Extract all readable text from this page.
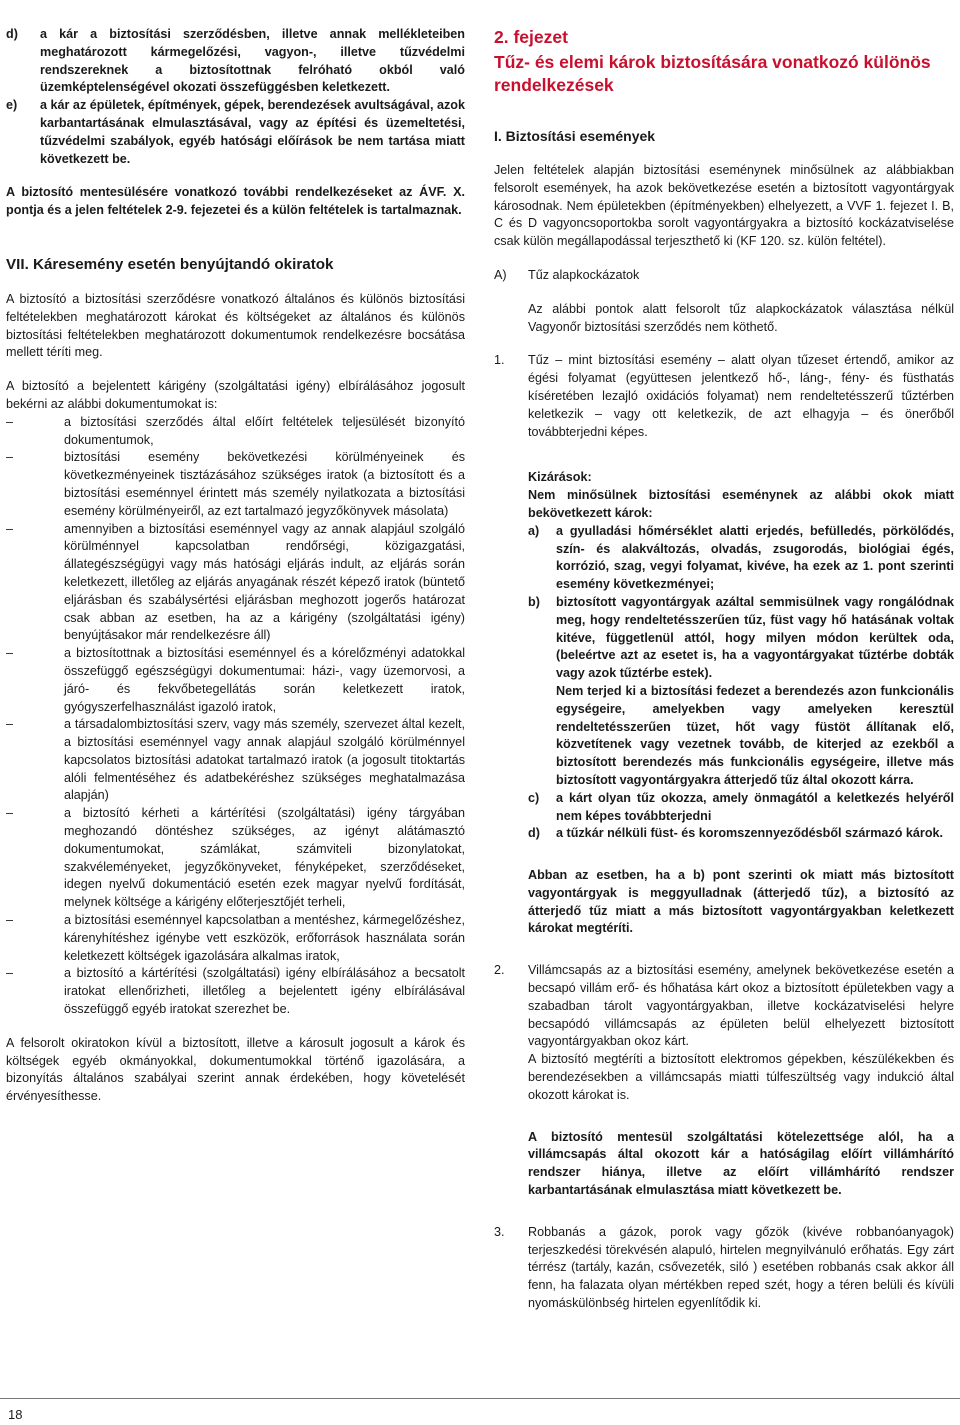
d)	a kár a biztosítási szerződésben, illetve annak mellékleteiben meghatározott kármegelőzési, vagyon-, illetve tűzvédelmi rendszereknek a biztosítottnak felróható okból való üzemképtelenségével okozati összefüggésben keletkezett.
e)	a kár az épületek, építmények, gépek, berendezések avultságával, azok karbantartásának elmulasztásával, vagy az építési és üzemeltetési, tűzvédelmi szabályok, egyéb hatósági előírások be nem tartása miatt következett be.

A biztosító mentesülésére vonatkozó további rendelkezéseket az ÁVF. X. pontja és a jelen feltételek 2-9. fejezetei és a külön feltételek is tartalmaznak.

VII. Káresemény esetén benyújtandó okiratok

A biztosító a biztosítási szerződésre vonatkozó általános és különös biztosítási feltételekben meghatározott károkat és költségeket az általános és különös biztosítási feltételekben meghatározott dokumentumok rendelkezésre bocsátása mellett téríti meg.

A biztosító a bejelentett kárigény (szolgáltatási igény) elbírálásához jogosult bekérni az alábbi dokumentumokat is:

–	a biztosítási szerződés által előírt feltételek teljesülését bizonyító dokumentumok,
–	biztosítási esemény bekövetkezési körülményeinek és következményeinek tisztázásához szükséges iratok (a biztosított és a biztosítási eseménnyel érintett más személy nyilatkozata a biztosítási esemény körülményeiről, az ezt tartalmazó jegyzőkönyvek másolata)
–	amennyiben a biztosítási eseménnyel vagy az annak alapjául szolgáló körülménnyel kapcsolatban rendőrségi, közigazgatási, állategészségügyi vagy más hatósági eljárás indult, az eljárás során keletkezett, illetőleg az eljárás anyagának részét képező iratok (büntető eljárásban és szabálysértési eljárásban meghozott jogerős határozat csak abban az esetben, ha az a kárigény (szolgáltatási igény) benyújtásakor már rendelkezésre áll)
–	a biztosítottnak a biztosítási eseménnyel és a kórelőzményi adatokkal összefüggő egészségügyi dokumentumai: házi-, vagy üzemorvosi, a járó- és fekvőbetegellátás során keletkezett iratok, gyógyszerfelhasználást igazoló iratok,
–	a társadalombiztosítási szerv, vagy más személy, szervezet által kezelt, a biztosítási eseménnyel vagy annak alapjául szolgáló körülménnyel kapcsolatos biztosítási adatokat tartalmazó iratok (a jogosult titoktartás alóli felmentéséhez és adatbekéréshez szükséges meghatalmazása alapján)
–	a biztosító kérheti a kártérítési (szolgáltatási) igény tárgyában meghozandó döntéshez szükséges, az igényt alátámasztó dokumentumokat, számlákat, számviteli bizonylatokat, szakvéleményeket, jegyzőkönyveket, fényképeket, szerződéseket, idegen nyelvű dokumentáció esetén ezek magyar nyelvű fordítását, melynek költsége a kárigény előterjesztőjét terheli,
–	a biztosítási eseménnyel kapcsolatban a mentéshez, kármegelőzéshez, kárenyhítéshez igénybe vett eszközök, erőforrások használata során keletkezett költségek igazolására alkalmas iratok,
–	a biztosító a kártérítési (szolgáltatási) igény elbírálásához a becsatolt iratokat ellenőrizheti, illetőleg a bejelentett igény elbírálásával összefüggő egyéb iratokat szerezhet be.

A felsorolt okiratokon kívül a biztosított, illetve a károsult jogosult a károk és költségek egyéb okmányokkal, dokumentumokkal történő igazolására, a bizonyítás általános szabályai szerint annak érdekében, hogy követelését érvényesíthesse.

2. fejezet
Tűz- és elemi károk biztosítására vonatkozó különös rendelkezések
I. Biztosítási események

Jelen feltételek alapján biztosítási eseménynek minősülnek az alábbiakban felsorolt események, ha azok bekövetkezése esetén a biztosított vagyontárgyak károsodnak. Nem épületekben (építményekben) elhelyezett, a VVF 1. fejezet I. B, C és D vagyoncsoportokba sorolt vagyontárgyakra a biztosító kockázatviselése csak külön megállapodással terjeszthető ki (KF 120. sz. külön feltétel).

A)	Tűz alapkockázatok

Az alábbi pontok alatt felsorolt tűz alapkockázatok választása nélkül Vagyonőr biztosítási szerződés nem köthető.

1.	Tűz – mint biztosítási esemény – alatt olyan tűzeset értendő, amikor az égési folyamat (együttesen jelentkező hő-, láng-, fény- és füsthatás kíséretében lezajló oxidációs folyamat) nem rendeltetésszerű tűztérben keletkezik – vagy ott keletkezik, de azt elhagyja – és önerőből továbbterjedni képes.
Kizárások:

Nem minősülnek biztosítási eseménynek az alábbi okok miatt bekövetkezett károk:

a)	a gyulladási hőmérséklet alatti erjedés, befülledés, pörkölődés, szín- és alakváltozás, olvadás, zsugorodás, biológiai égés, korrózió, szag, vegyi folyamat, kivéve, ha ezek az 1. pont szerinti esemény következményei;
b)	biztosított vagyontárgyak azáltal semmisülnek vagy rongálódnak meg, hogy rendeltetésszerűen tűz, füst vagy hő hatásának voltak kitéve, függetlenül attól, hogy milyen módon kerültek oda, (beleértve azt az esetet is, ha a vagyontárgyakat tűztérbe dobták vagy azok tűztérbe estek).

Nem terjed ki a biztosítási fedezet a berendezés azon funkcionális egységeire, amelyekben vagy amelyeken keresztül rendeltetésszerűen tüzet, hőt vagy füstöt állítanak elő, közvetítenek vagy vezetnek tovább, de kiterjed az ezekből a biztosított berendezés más funkcionális egységeire, illetve más biztosított vagyontárgyakra átterjedő tűz által okozott kárra.

c)	a kárt olyan tűz okozza, amely önmagától a keletkezés helyéről nem képes továbbterjedni
d)	a tűzkár nélküli füst- és koromszennyeződésből származó károk.

Abban az esetben, ha a b) pont szerinti ok miatt más biztosított vagyontárgyak is meggyulladnak (átterjedő tűz), a biztosító az átterjedő tűz miatt a más biztosított vagyontárgyakban keletkezett károkat megtéríti.

2.	Villámcsapás az a biztosítási esemény, amelynek bekövetkezése esetén a becsapó villám erő- és hőhatása kárt okoz a biztosított épületekben vagy a szabadban tárolt vagyontárgyakban, illetve kockázatviselési helyre becsapódó villámcsapás az épületen belül elhelyezett biztosított vagyontárgyakban okoz kárt.
A biztosító megtéríti a biztosított elektromos gépekben, készülékekben és berendezésekben a villámcsapás miatti túlfeszültség vagy indukció által okozott károkat is.

A biztosító mentesül szolgáltatási kötelezettsége alól, ha a villámcsapás által okozott kár a hatóságilag előírt villámhárító rendszer hiánya, illetve az előírt villámhárító rendszer karbantartásának elmulasztása miatt következett be.

3.	Robbanás a gázok, porok vagy gőzök (kivéve robbanóanyagok) terjeszkedési törekvésén alapuló, hirtelen megnyilvánuló erőhatás. Egy zárt térrész (tartály, kazán, csővezeték, siló ) esetében robbanás csak akkor áll fenn, ha falazata olyan mértékben reped szét, hogy a téren belüli és kívüli nyomáskülönbség hirtelen egyenlítődik ki.
18
